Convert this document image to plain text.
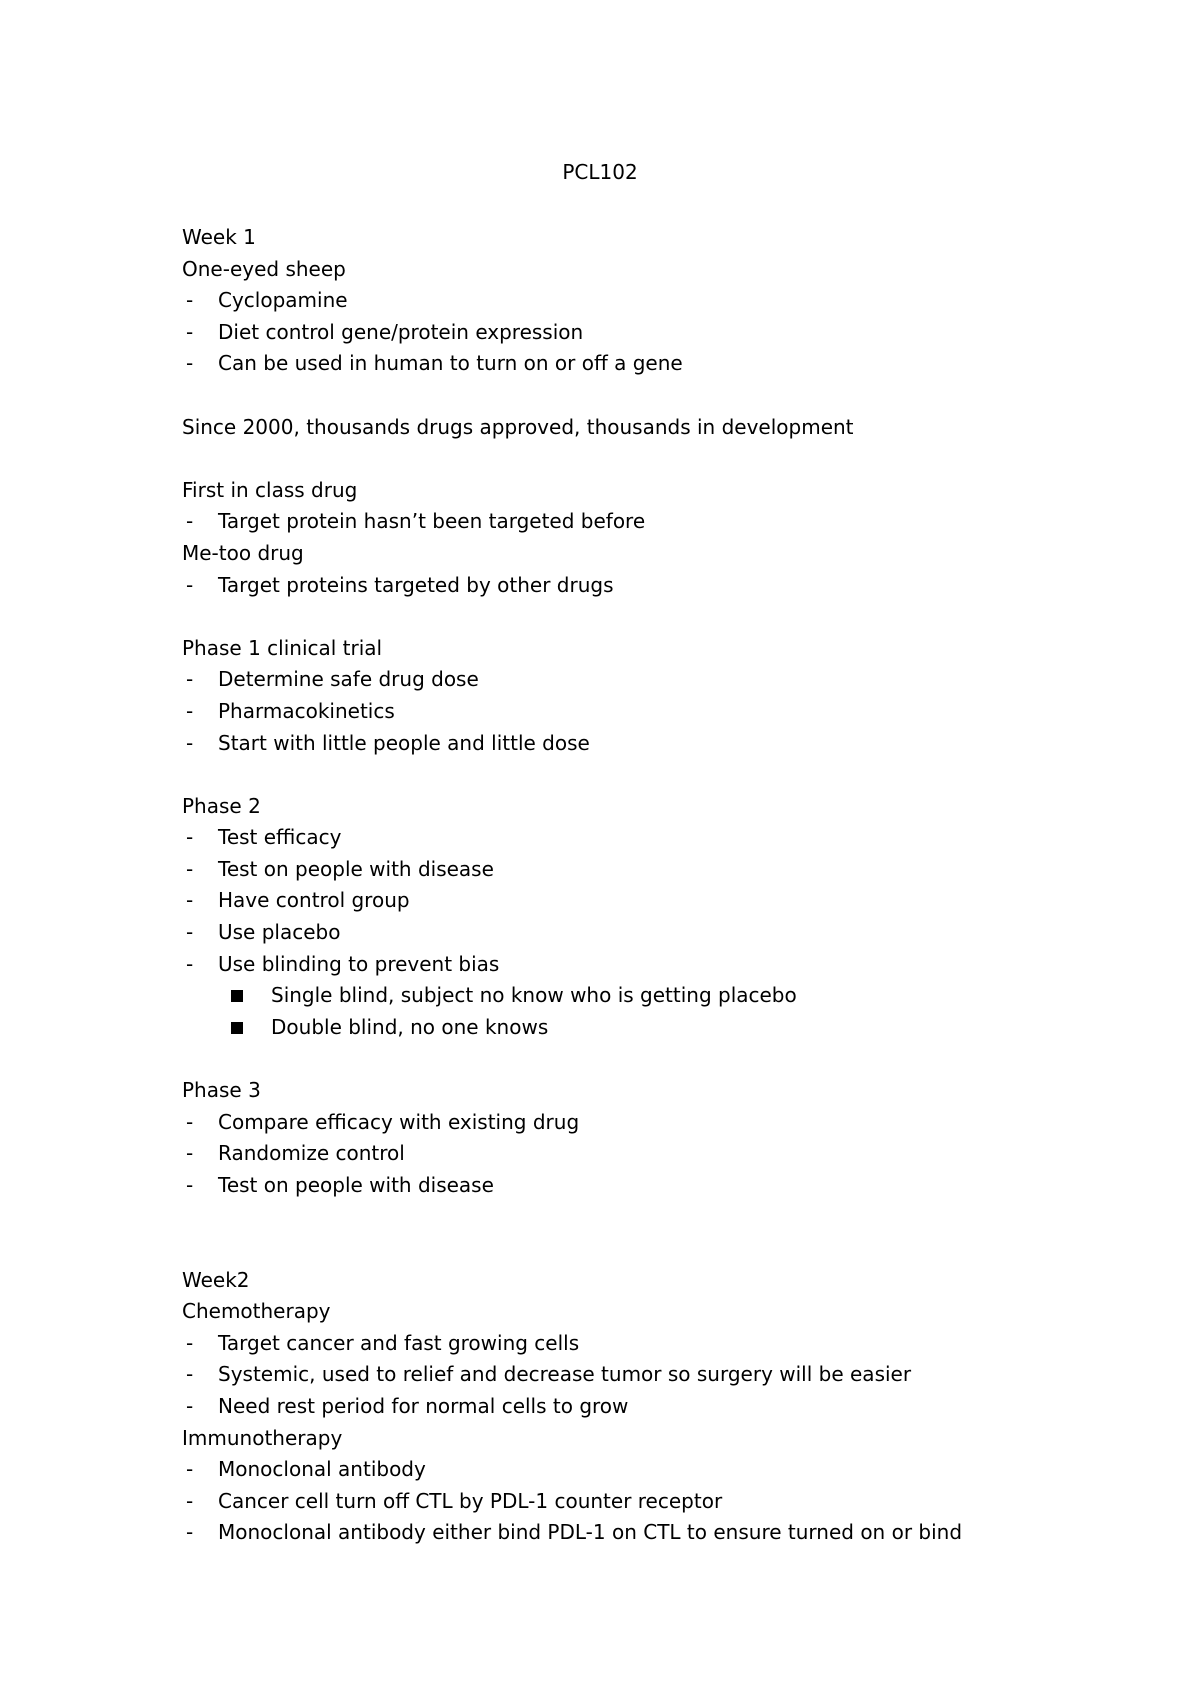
PCL102
Week 1
One-eyed sheep
- Cyclopamine
- Diet control gene/protein expression
- Can be used in human to turn on or off a gene
Since 2000, thousands drugs approved, thousands in development
First in class drug
- Target protein hasn’t been targeted before
Me-too drug
- Target proteins targeted by other drugs
Phase 1 clinical trial
- Determine safe drug dose
- Pharmacokinetics
- Start with little people and little dose
Phase 2
- Test efficacy
- Test on people with disease
- Have control group
- Use placebo
- Use blinding to prevent bias
Single blind, subject no know who is getting placebo
Double blind, no one knows
Phase 3
- Compare efficacy with existing drug
- Randomize control
- Test on people with disease
Week2
Chemotherapy
- Target cancer and fast growing cells
- Systemic, used to relief and decrease tumor so surgery will be easier
- Need rest period for normal cells to grow
Immunotherapy
- Monoclonal antibody
- Cancer cell turn off CTL by PDL-1 counter receptor
- Monoclonal antibody either bind PDL-1 on CTL to ensure turned on or bind
